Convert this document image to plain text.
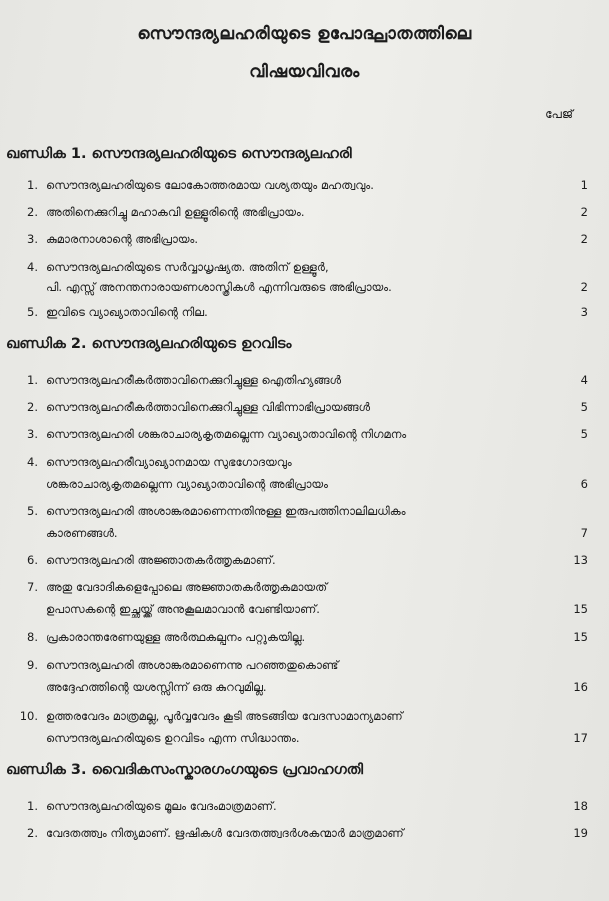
സൌന്ദര്യലഹരിയുടെ ഉപോദ്ഘാതത്തിലെ
വിഷയവിവരം
പേജ്
ഖണ്ഡിക 1. സൌന്ദര്യലഹരിയുടെ സൌന്ദര്യലഹരി
1. സൌന്ദര്യലഹരിയുടെ ലോകോത്തരമായ വശ്യതയും മഹത്വവും.	1
2. അതിനെക്കുറിച്ചു മഹാകവി ഉള്ളൂരിന്റെ അഭിപ്രായം.	2
3. കുമാരനാശാന്റെ അഭിപ്രായം.	2
4. സൌന്ദര്യലഹരിയുടെ സർവ്വാധൃഷ്യത. അതിന് ഉള്ളൂർ,
പി. എസ്സ് അനന്തനാരായണശാസ്ത്രികൾ എന്നിവരുടെ അഭിപ്രായം.	2
5. ഇവിടെ വ്യാഖ്യാതാവിന്റെ നില.	3
ഖണ്ഡിക 2. സൌന്ദര്യലഹരിയുടെ ഉറവിടം
1. സൌന്ദര്യലഹരീകർത്താവിനെക്കുറിച്ചുള്ള ഐതിഹ്യങ്ങൾ	4
2. സൌന്ദര്യലഹരീകർത്താവിനെക്കുറിച്ചുള്ള വിഭിന്നാഭിപ്രായങ്ങൾ	5
3. സൌന്ദര്യലഹരി ശങ്കരാചാര്യകൃതമല്ലെന്ന വ്യാഖ്യാതാവിന്റെ നിഗമനം	5
4. സൌന്ദര്യലഹരീവ്യാഖ്യാനമായ സുഭഗോദയവും
ശങ്കരാചാര്യകൃതമല്ലെന്ന വ്യാഖ്യാതാവിന്റെ അഭിപ്രായം	6
5. സൌന്ദര്യലഹരി അശാങ്കരമാണെന്നതിനുള്ള ഇരുപത്തിനാലിലധികം
കാരണങ്ങൾ.	7
6. സൌന്ദര്യലഹരി അജ്ഞാതകർത്തൃകമാണ്.	13
7. അതു വേദാദികളെപ്പോലെ അജ്ഞാതകർത്തൃകമായത്
ഉപാസകന്റെ ഇച്ഛയ്ക്ക് അനുകൂലമാവാൻ വേണ്ടിയാണ്.	15
8. പ്രകാരാന്തരേണയുള്ള അർത്ഥകല്പനം പറ്റുകയില്ല.	15
9. സൌന്ദര്യലഹരി അശാങ്കരമാണെന്നു പറഞ്ഞതുകൊണ്ട്
അദ്ദേഹത്തിന്റെ യശസ്സിന്ന് ഒരു കുറവുമില്ല.	16
10. ഉത്തരവേദം മാത്രമല്ല, പൂർവ്വവേദം കൂടി അടങ്ങിയ വേദസാമാന്യമാണ്
സൌന്ദര്യലഹരിയുടെ ഉറവിടം എന്ന സിദ്ധാന്തം.	17
ഖണ്ഡിക 3. വൈദികസംസ്കാരഗംഗയുടെ പ്രവാഹഗതി
1. സൌന്ദര്യലഹരിയുടെ മൂലം വേദംമാത്രമാണ്.	18
2. വേദതത്ത്വം നിത്യമാണ്. ഋഷികൾ വേദതത്ത്വദർശകന്മാർ മാത്രമാണ്	19
